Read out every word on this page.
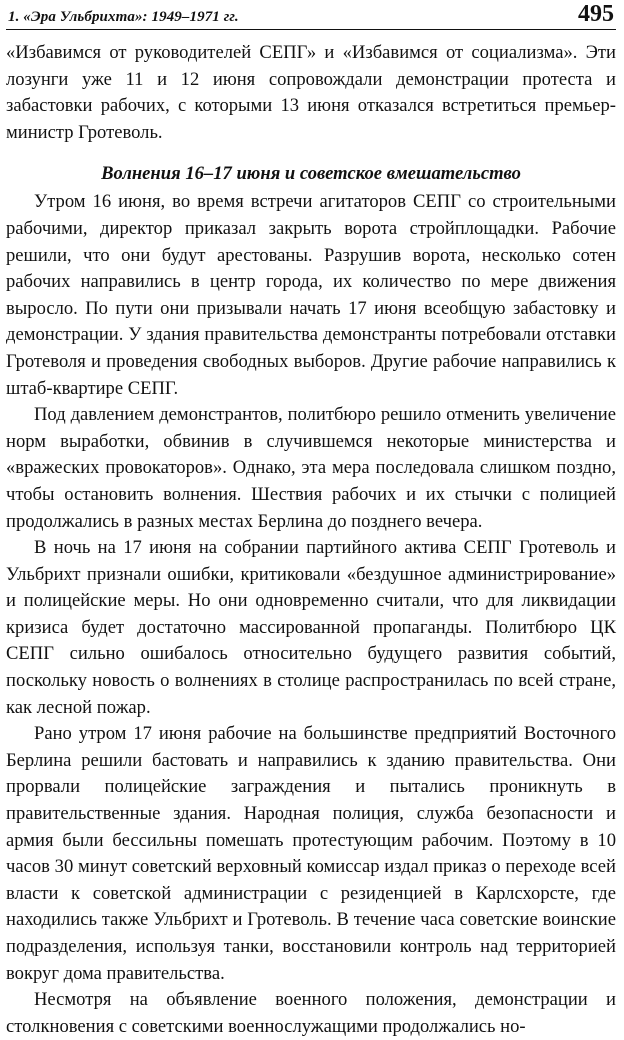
1. «Эра Ульбрихта»: 1949–1971 гг.	495

«Избавимся от руководителей СЕПГ» и «Избавимся от социализма». Эти лозунги уже 11 и 12 июня сопровождали демонстрации протеста и забастовки рабочих, с которыми 13 июня отказался встретиться премьер-министр Гротеволь.

Волнения 16–17 июня и советское вмешательство

Утром 16 июня, во время встречи агитаторов СЕПГ со строительными рабочими, директор приказал закрыть ворота стройплощадки. Рабочие решили, что они будут арестованы. Разрушив ворота, несколько сотен рабочих направились в центр города, их количество по мере движения выросло. По пути они призывали начать 17 июня всеобщую забастовку и демонстрации. У здания правительства демонстранты потребовали отставки Гротеволя и проведения свободных выборов. Другие рабочие направились к штаб-квартире СЕПГ.

Под давлением демонстрантов, политбюро решило отменить увеличение норм выработки, обвинив в случившемся некоторые министерства и «вражеских провокаторов». Однако, эта мера последовала слишком поздно, чтобы остановить волнения. Шествия рабочих и их стычки с полицией продолжались в разных местах Берлина до позднего вечера.

В ночь на 17 июня на собрании партийного актива СЕПГ Гротеволь и Ульбрихт признали ошибки, критиковали «бездушное администрирование» и полицейские меры. Но они одновременно считали, что для ликвидации кризиса будет достаточно массированной пропаганды. Политбюро ЦК СЕПГ сильно ошибалось относительно будущего развития событий, поскольку новость о волнениях в столице распространилась по всей стране, как лесной пожар.

Рано утром 17 июня рабочие на большинстве предприятий Восточного Берлина решили бастовать и направились к зданию правительства. Они прорвали полицейские заграждения и пытались проникнуть в правительственные здания. Народная полиция, служба безопасности и армия были бессильны помешать протестующим рабочим. Поэтому в 10 часов 30 минут советский верховный комиссар издал приказ о переходе всей власти к советской администрации с резиденцией в Карлсхорсте, где находились также Ульбрихт и Гротеволь. В течение часа советские воинские подразделения, используя танки, восстановили контроль над территорией вокруг дома правительства.

Несмотря на объявление военного положения, демонстрации и столкновения с советскими военнослужащими продолжались но-
